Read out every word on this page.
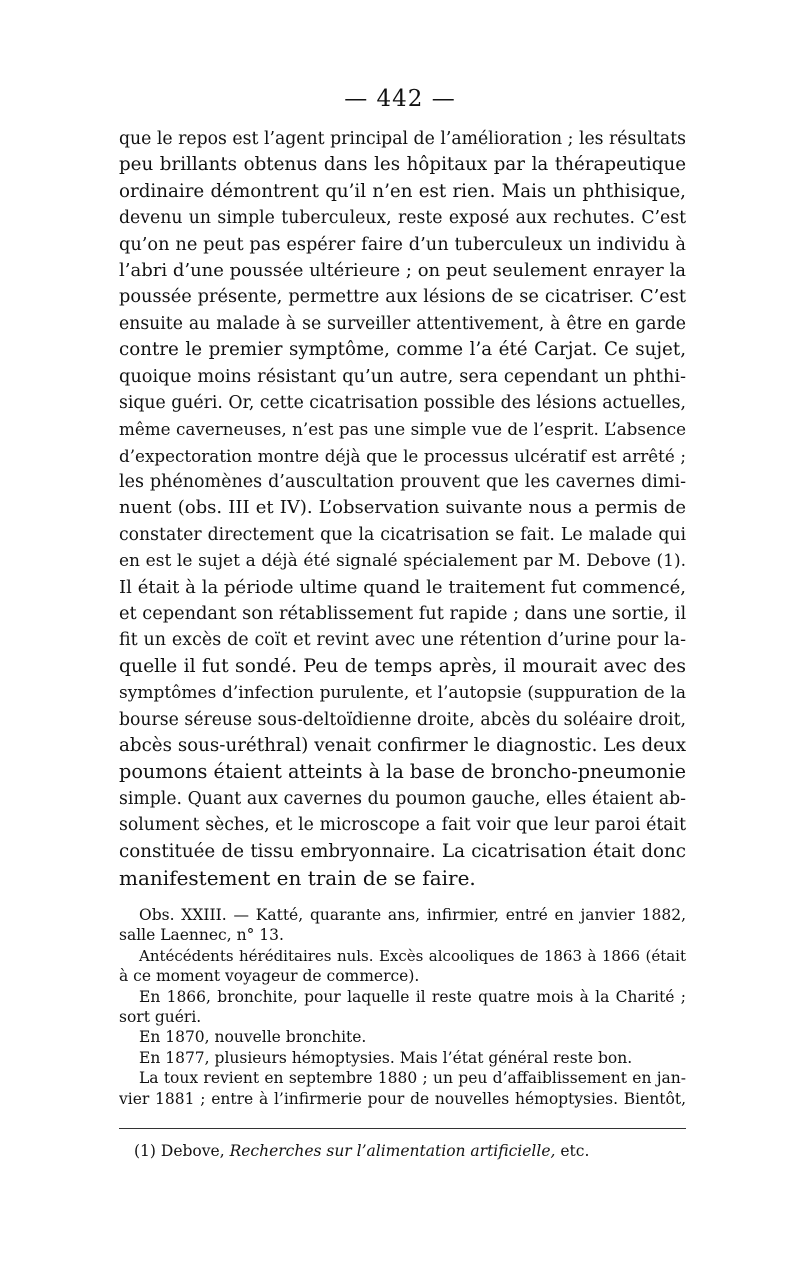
— 442 —
que le repos est l’agent principal de l’amélioration ; les résultats
peu brillants obtenus dans les hôpitaux par la thérapeutique
ordinaire démontrent qu’il n’en est rien. Mais un phthisique,
devenu un simple tuberculeux, reste exposé aux rechutes. C’est
qu’on ne peut pas espérer faire d’un tuberculeux un individu à
l’abri d’une poussée ultérieure ; on peut seulement enrayer la
poussée présente, permettre aux lésions de se cicatriser. C’est
ensuite au malade à se surveiller attentivement, à être en garde
contre le premier symptôme, comme l’a été Carjat. Ce sujet,
quoique moins résistant qu’un autre, sera cependant un phthi-
sique guéri. Or, cette cicatrisation possible des lésions actuelles,
même caverneuses, n’est pas une simple vue de l’esprit. L’absence
d’expectoration montre déjà que le processus ulcératif est arrêté ;
les phénomènes d’auscultation prouvent que les cavernes dimi-
nuent (obs. III et IV). L’observation suivante nous a permis de
constater directement que la cicatrisation se fait. Le malade qui
en est le sujet a déjà été signalé spécialement par M. Debove (1).
Il était à la période ultime quand le traitement fut commencé,
et cependant son rétablissement fut rapide ; dans une sortie, il
fit un excès de coït et revint avec une rétention d’urine pour la-
quelle il fut sondé. Peu de temps après, il mourait avec des
symptômes d’infection purulente, et l’autopsie (suppuration de la
bourse séreuse sous-deltoïdienne droite, abcès du soléaire droit,
abcès sous-uréthral) venait confirmer le diagnostic. Les deux
poumons étaient atteints à la base de broncho-pneumonie
simple. Quant aux cavernes du poumon gauche, elles étaient ab-
solument sèches, et le microscope a fait voir que leur paroi était
constituée de tissu embryonnaire. La cicatrisation était donc
manifestement en train de se faire.
Obs. XXIII. — Katté, quarante ans, infirmier, entré en janvier 1882,
salle Laennec, n° 13.
Antécédents héréditaires nuls. Excès alcooliques de 1863 à 1866 (était
à ce moment voyageur de commerce).
En 1866, bronchite, pour laquelle il reste quatre mois à la Charité ;
sort guéri.
En 1870, nouvelle bronchite.
En 1877, plusieurs hémoptysies. Mais l’état général reste bon.
La toux revient en septembre 1880 ; un peu d’affaiblissement en jan-
vier 1881 ; entre à l’infirmerie pour de nouvelles hémoptysies. Bientôt,
(1) Debove, Recherches sur l’alimentation artificielle, etc.
